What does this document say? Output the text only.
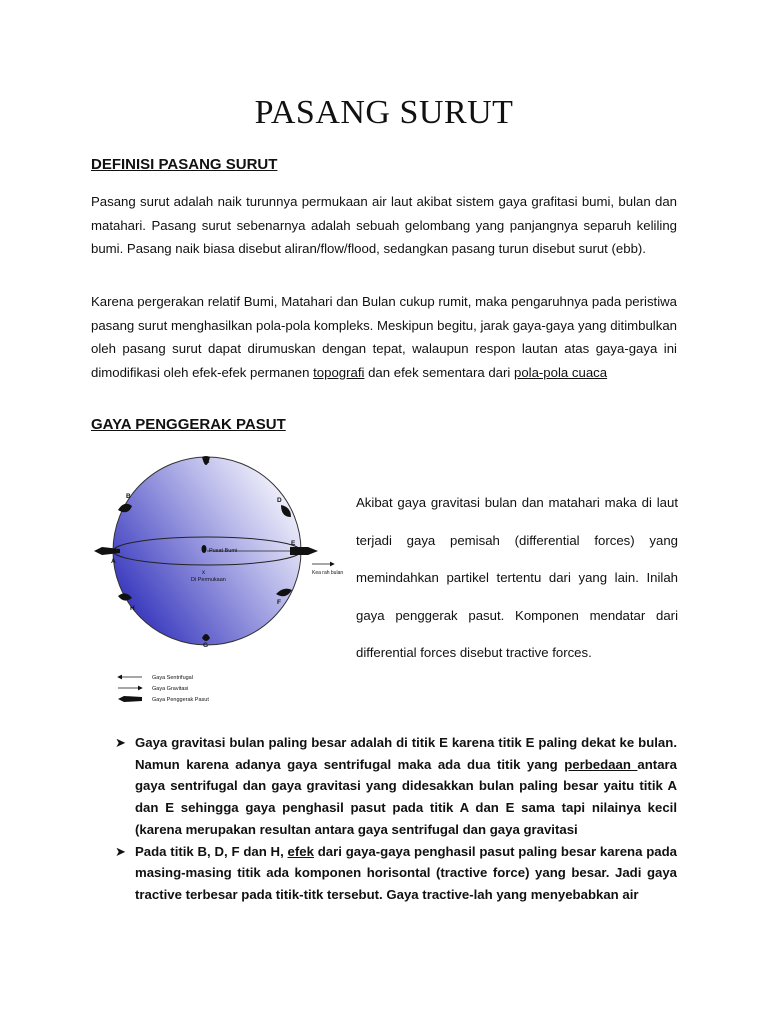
PASANG SURUT
DEFINISI PASANG SURUT

Pasang surut adalah naik turunnya permukaan air laut akibat sistem gaya grafitasi bumi, bulan dan matahari. Pasang surut sebenarnya adalah sebuah gelombang yang panjangnya separuh keliling bumi. Pasang naik biasa disebut aliran/flow/flood, sedangkan pasang turun disebut surut (ebb).

Karena pergerakan relatif Bumi, Matahari dan Bulan cukup rumit, maka pengaruhnya pada peristiwa pasang surut menghasilkan pola-pola kompleks. Meskipun begitu, jarak gaya-gaya yang ditimbulkan oleh pasang surut dapat dirumuskan dengan tepat, walaupun respon lautan atas gaya-gaya ini dimodifikasi oleh efek-efek permanen topografi dan efek sementara dari pola-pola cuaca

GAYA PENGGERAK PASUT
Pusat Bumi
x
Di Permukaan
C
B
D
A
E
F
H
G
Kea rah bulan
Gaya Sentrifugal
Gaya Gravitasi
Gaya Penggerak Pasut

Akibat gaya gravitasi bulan dan matahari maka di laut terjadi gaya pemisah (differential forces) yang memindahkan partikel tertentu dari yang lain. Inilah gaya penggerak pasut. Komponen mendatar dari differential forces disebut tractive forces.

➤ Gaya gravitasi bulan paling besar adalah di titik E karena titik E paling dekat ke bulan. Namun karena adanya gaya sentrifugal maka ada dua titik yang perbedaan antara gaya sentrifugal dan gaya gravitasi yang didesakkan bulan paling besar yaitu titik A dan E sehingga gaya penghasil pasut pada titik A dan E sama tapi nilainya kecil (karena merupakan resultan antara gaya sentrifugal dan gaya gravitasi
➤ Pada titik B, D, F dan H, efek dari gaya-gaya penghasil pasut paling besar karena pada masing-masing titik ada komponen horisontal (tractive force) yang besar. Jadi gaya tractive terbesar pada titik-titk tersebut. Gaya tractive-lah yang menyebabkan air
